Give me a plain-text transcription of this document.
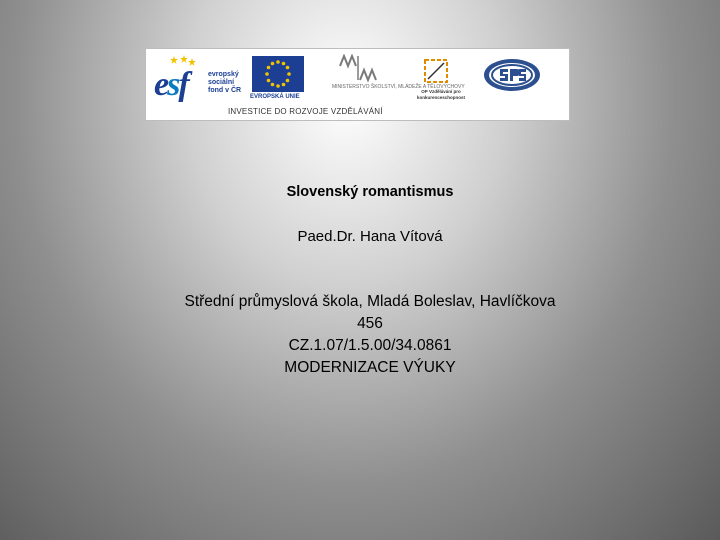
esf	evropský
sociální
fond v ČR
EVROPSKÁ UNIE
MINISTERSTVO ŠKOLSTVÍ, MLÁDEŽE A TĚLOVÝCHOVY
OP Vzdělávání pro konkurenceschopnost
INVESTICE DO ROZVOJE VZDĚLÁVÁNÍ
Slovenský romantismus
Paed.Dr. Hana Vítová
Střední průmyslová škola, Mladá Boleslav, Havlíčkova
456
CZ.1.07/1.5.00/34.0861
MODERNIZACE VÝUKY
